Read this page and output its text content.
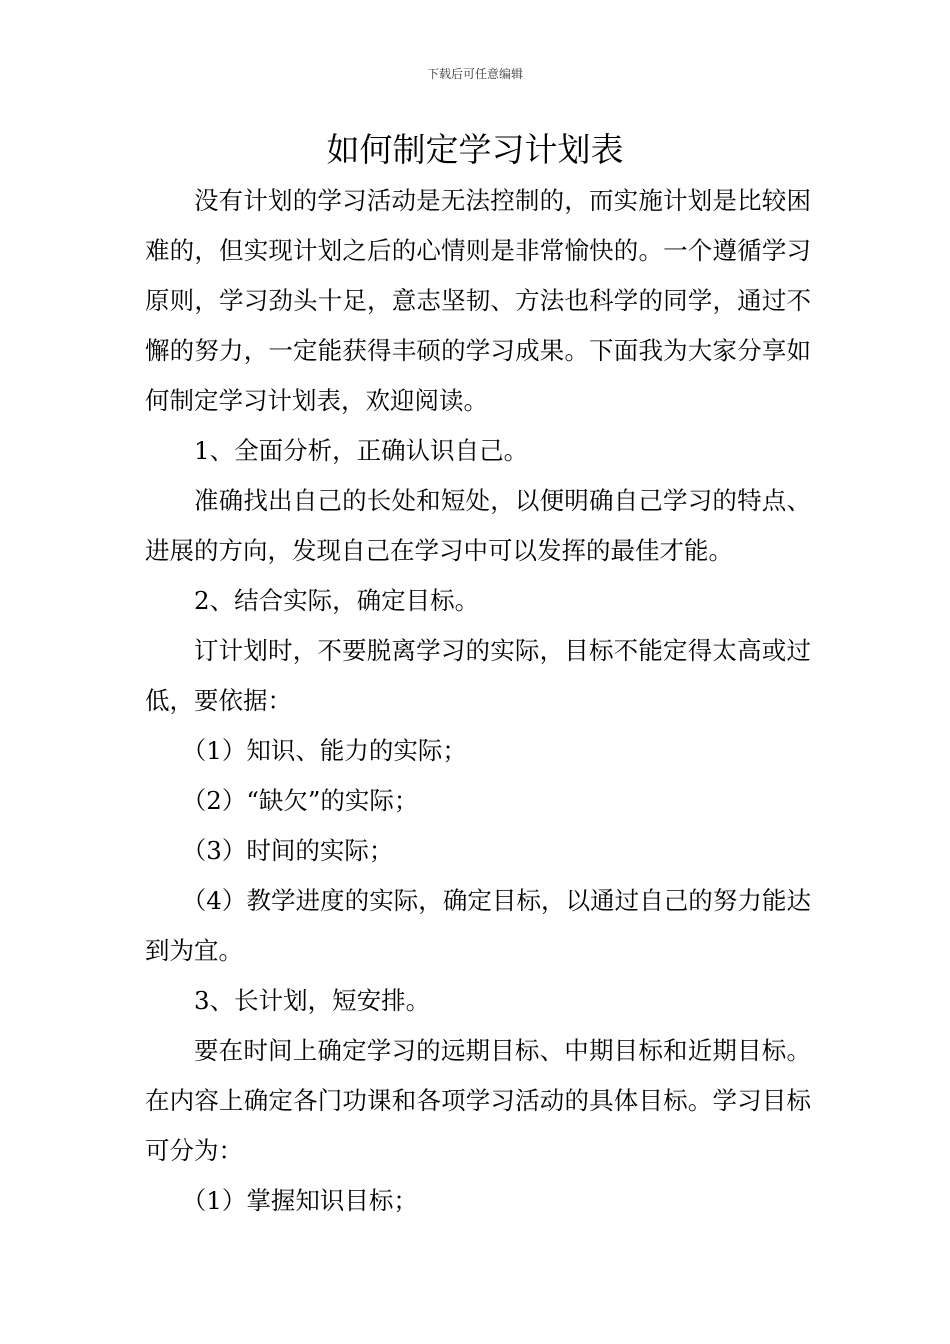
下载后可任意编辑
如何制定学习计划表

没有计划的学习活动是无法控制的，而实施计划是比较困难的，但实现计划之后的心情则是非常愉快的。一个遵循学习原则，学习劲头十足，意志坚韧、方法也科学的同学，通过不懈的努力，一定能获得丰硕的学习成果。下面我为大家分享如何制定学习计划表，欢迎阅读。

1、全面分析，正确认识自己。

准确找出自己的长处和短处，以便明确自己学习的特点、进展的方向，发现自己在学习中可以发挥的最佳才能。

2、结合实际，确定目标。

订计划时，不要脱离学习的实际，目标不能定得太高或过低，要依据：

（1）知识、能力的实际；

（2）“缺欠”的实际；

（3）时间的实际；

（4）教学进度的实际，确定目标，以通过自己的努力能达到为宜。

3、长计划，短安排。

要在时间上确定学习的远期目标、中期目标和近期目标。在内容上确定各门功课和各项学习活动的具体目标。学习目标可分为：

（1）掌握知识目标；
